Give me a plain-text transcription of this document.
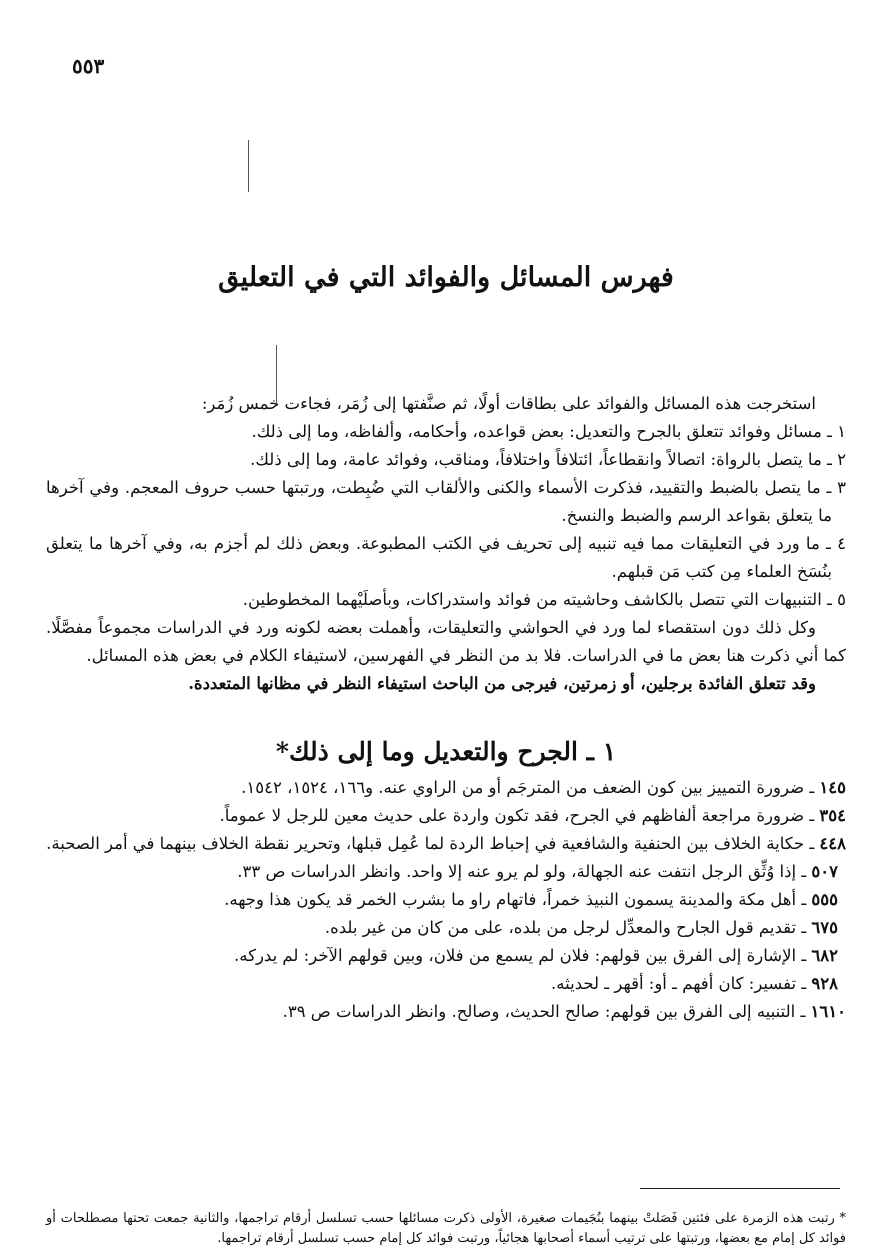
٥٥٣
فهرس المسائل والفوائد التي في التعليق

استخرجت هذه المسائل والفوائد على بطاقات أولًا، ثم صنَّفتها إلى زُمَر، فجاءت خمس زُمَر:

١ ـ مسائل وفوائد تتعلق بالجرح والتعديل: بعض قواعده، وأحكامه، وألفاظه، وما إلى ذلك.

٢ ـ ما يتصل بالرواة: اتصالاً وانقطاعاً، ائتلافاً واختلافاً، ومناقب، وفوائد عامة، وما إلى ذلك.

٣ ـ ما يتصل بالضبط والتقييد، فذكرت الأسماء والكنى والألقاب التي ضُبِطت، ورتبتها حسب حروف المعجم. وفي آخرها ما يتعلق بقواعد الرسم والضبط والنسخ.

٤ ـ ما ورد في التعليقات مما فيه تنبيه إلى تحريف في الكتب المطبوعة. وبعض ذلك لم أجزم به، وفي آخرها ما يتعلق بنُسَخ العلماء مِن كتب مَن قبلهم.

٥ ـ التنبيهات التي تتصل بالكاشف وحاشيته من فوائد واستدراكات، وبأصلَيْهما المخطوطين.

وكل ذلك دون استقصاء لما ورد في الحواشي والتعليقات، وأهملت بعضه لكونه ورد في الدراسات مجموعاً مفصَّلًا. كما أني ذكرت هنا بعض ما في الدراسات. فلا بد من النظر في الفهرسين، لاستيفاء الكلام في بعض هذه المسائل.

وقد تتعلق الفائدة برجلين، أو زمرتين، فيرجى من الباحث استيفاء النظر في مظانها المتعددة.

١ ـ الجرح والتعديل وما إلى ذلك*

١٤٥ ـ ضرورة التمييز بين كون الضعف من المترجَم أو من الراوي عنه. و١٦٦، ١٥٢٤، ١٥٤٢.

٣٥٤ ـ ضرورة مراجعة ألفاظهم في الجرح، فقد تكون واردة على حديث معين للرجل لا عموماً.

٤٤٨ ـ حكاية الخلاف بين الحنفية والشافعية في إحباط الردة لما عُمِل قبلها، وتحرير نقطة الخلاف بينهما في أمر الصحبة.

٥٠٧ ـ إذا وُثِّق الرجل انتفت عنه الجهالة، ولو لم يرو عنه إلا واحد. وانظر الدراسات ص ٣٣.

٥٥٥ ـ أهل مكة والمدينة يسمون النبيذ خمراً، فاتهام راو ما بشرب الخمر قد يكون هذا وجهه.

٦٧٥ ـ تقديم قول الجارح والمعدِّل لرجل من بلده، على من كان من غير بلده.

٦٨٢ ـ الإشارة إلى الفرق بين قولهم: فلان لم يسمع من فلان، وبين قولهم الآخر: لم يدركه.

٩٢٨ ـ تفسير: كان أفهم ـ أو: أقهر ـ لحديثه.

١٦١٠ ـ التنبيه إلى الفرق بين قولهم: صالح الحديث، وصالح. وانظر الدراسات ص ٣٩.

* رتبت هذه الزمرة على فئتين فَصَلتْ بينهما بنُجَيمات صغيرة، الأولى ذكرت مسائلها حسب تسلسل أرقام تراجمها، والثانية جمعت تحتها مصطلحات أو فوائد كل إمام مع بعضها، ورتبتها على ترتيب أسماء أصحابها هجائياً، ورتبت فوائد كل إمام حسب تسلسل أرقام تراجمها.
